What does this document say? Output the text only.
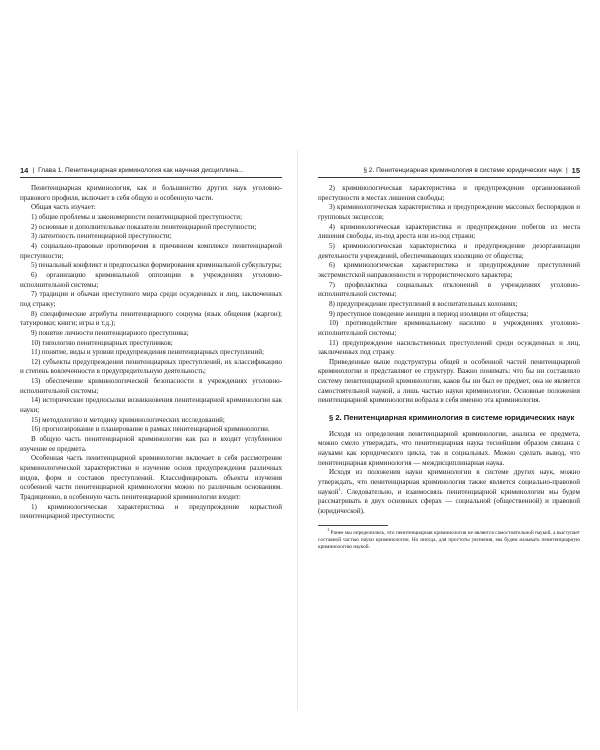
14 | Глава 1. Пенитенциарная криминология как научная дисциплина...

Пенитенциарная криминология, как и большинство других наук уголовно-правового профиля, включает в себя общую и особенную части.

Общая часть изучает:

1) общие проблемы и закономерности пенитенциарной преступности;

2) основные и дополнительные показатели пенитенциарной преступности;

3) латентность пенитенциарной преступности;

4) социально-правовые противоречия в причинном комплексе пенитенциарной преступности;

5) пенальный конфликт и предпосылки формирования криминальной субкультуры;

6) организацию криминальной оппозиции в учреждениях уголовно-исполнительной системы;

7) традиции и обычаи преступного мира среди осужденных и лиц, заключенных под стражу;

8) специфические атрибуты пенитенциарного социума (язык общения (жаргон); татуировки; книги; игры и т.д.);

9) понятие личности пенитенциарного преступника;

10) типологию пенитенциарных преступников;

11) понятие, виды и уровни предупреждения пенитенциарных преступлений;

12) субъекты предупреждения пенитенциарных преступлений, их классификацию и степень вовлеченности в предупредительную деятельность;

13) обеспечение криминологической безопасности в учреждениях уголовно-исполнительной системы;

14) исторические предпосылки возникновения пенитенциарной криминологии как науки;

15) методологию и методику криминологических исследований;

16) прогнозирование и планирование в рамках пенитенциарной криминологии.

В общую часть пенитенциарной криминологии как раз и входит углубленное изучение ее предмета.

Особенная часть пенитенциарной криминологии включает в себя рассмотрение криминологической характеристики и изучение основ предупреждения различных видов, форм и составов преступлений. Классифицировать объекты изучения особенной части пенитенциарной криминологии можно по различным основаниям. Традиционно, в особенную часть пенитенциарной криминологии входит:

1) криминологическая характеристика и предупреждение корыстной пенитенциарной преступности;

§ 2. Пенитенциарная криминология в системе юридических наук | 15

2) криминологическая характеристика и предупреждение организованной преступности в местах лишения свободы;

3) криминологическая характеристика и предупреждение массовых беспорядков и групповых эксцессов;

4) криминологическая характеристика и предупреждение побегов из места лишения свободы, из-под ареста или из-под стражи;

5) криминологическая характеристика и предупреждение дезорганизации деятельности учреждений, обеспечивающих изоляцию от общества;

6) криминологическая характеристика и предупреждение преступлений экстремистской направленности и террористического характера;

7) профилактика социальных отклонений в учреждениях уголовно-исполнительной системы;

8) предупреждение преступлений в воспитательных колониях;

9) преступное поведение женщин в период изоляции от общества;

10) противодействие криминальному насилию в учреждениях уголовно-исполнительной системы;

11) предупреждение насильственных преступлений среди осужденных и лиц, заключенных под стражу.

Приведенные выше подструктуры общей и особенной частей пенитенциарной криминологии и представляют ее структуру. Важно понимать: что бы ни составляло систему пенитенциарной криминологии, каков бы ни был ее предмет, она не является самостоятельной наукой, а лишь частью науки криминологии. Основные положения пенитенциарной криминологии вобрала в себя именно эта криминология.

§ 2. Пенитенциарная криминология в системе юридических наук

Исходя из определения пенитенциарной криминологии, анализа ее предмета, можно смело утверждать, что пенитенциарная наука теснейшим образом связана с науками как юридического цикла, так и социальных. Можно сделать вывод, что пенитенциарная криминология — междисциплинарная наука.

Исходя из положения науки криминологии в системе других наук, можно утверждать, что пенитенциарная криминология также является социально-правовой наукой$^1$. Следовательно, и взаимосвязь пенитенциарной криминологии мы будем рассматривать в двух основных сферах — социальной (общественной) и правовой (юридической).

$^1$ Ранее мы определились, что пенитенциарная криминология не является самостоятельной наукой, а выступает составной частью науки криминологии. Но иногда, для простоты уяснения, мы будем называть пенитенциарную криминологию наукой.
